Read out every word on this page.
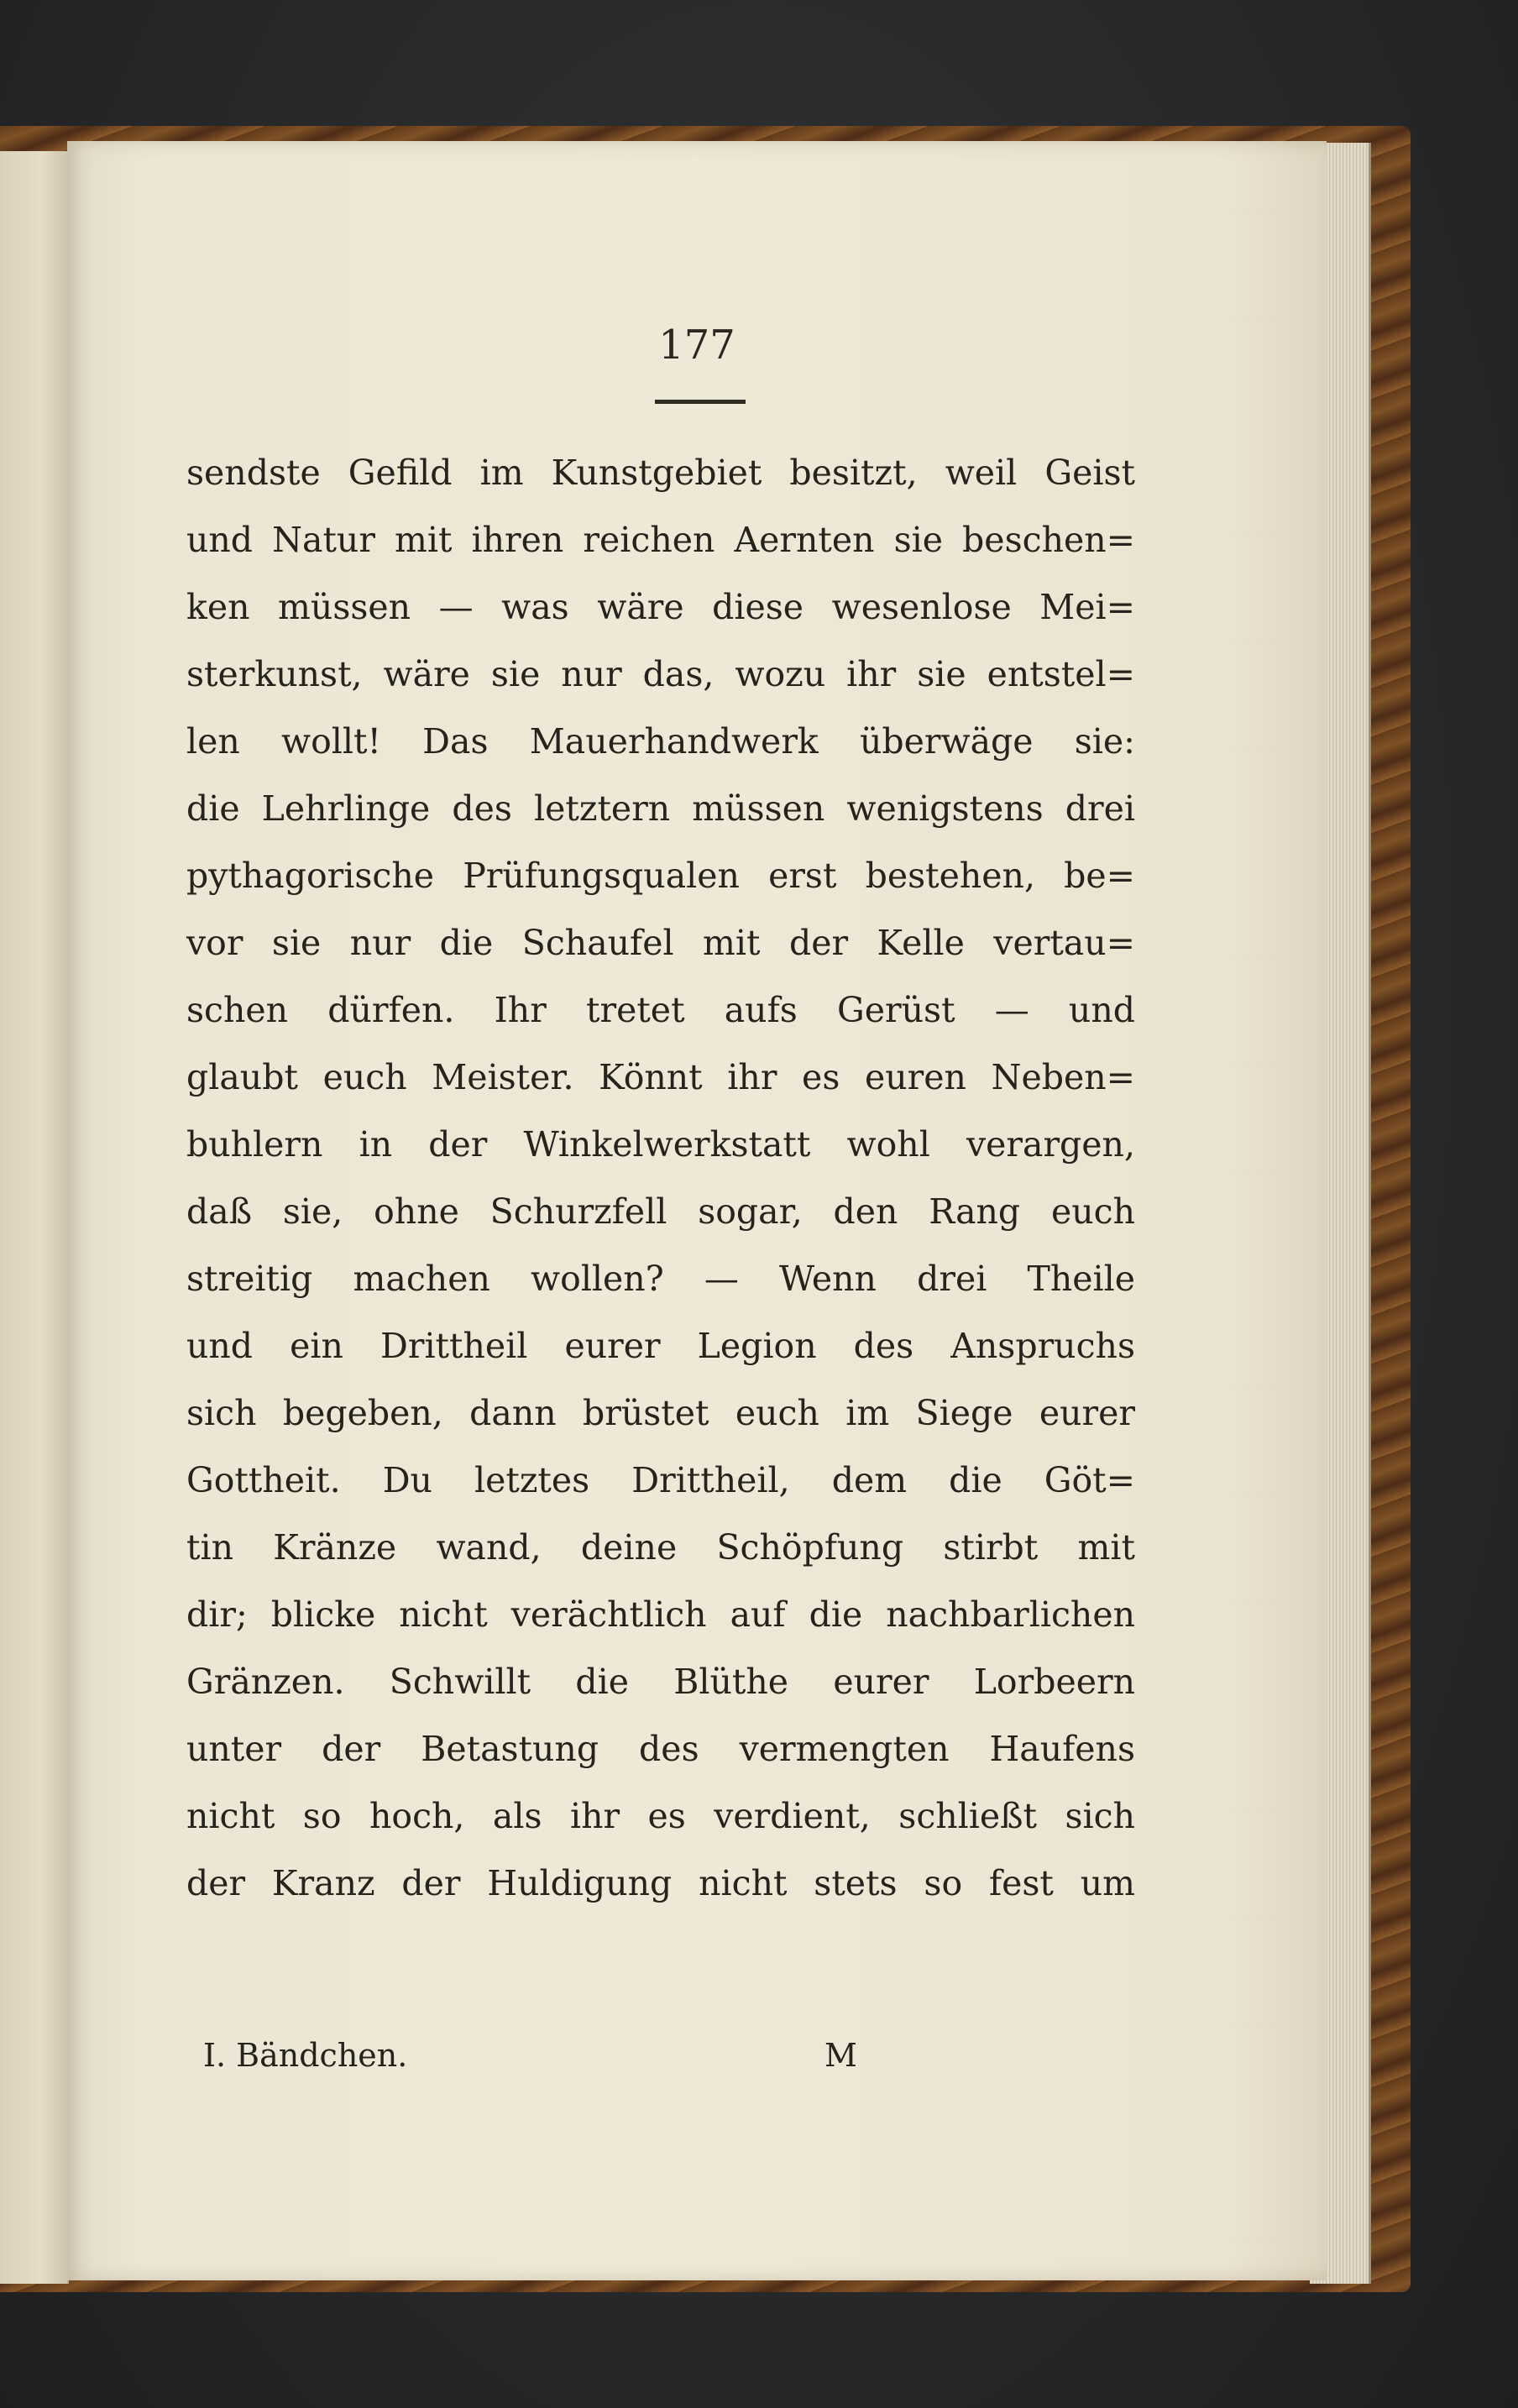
177
sendste Gefild im Kunstgebiet besitzt, weil Geist
und Natur mit ihren reichen Aernten sie beschen=
ken müssen — was wäre diese wesenlose Mei=
sterkunst, wäre sie nur das, wozu ihr sie entstel=
len wollt! Das Mauerhandwerk überwäge sie:
die Lehrlinge des letztern müssen wenigstens drei
pythagorische Prüfungsqualen erst bestehen, be=
vor sie nur die Schaufel mit der Kelle vertau=
schen dürfen. Ihr tretet aufs Gerüst — und
glaubt euch Meister. Könnt ihr es euren Neben=
buhlern in der Winkelwerkstatt wohl verargen,
daß sie, ohne Schurzfell sogar, den Rang euch
streitig machen wollen? — Wenn drei Theile
und ein Drittheil eurer Legion des Anspruchs
sich begeben, dann brüstet euch im Siege eurer
Gottheit. Du letztes Drittheil, dem die Göt=
tin Kränze wand, deine Schöpfung stirbt mit
dir; blicke nicht verächtlich auf die nachbarlichen
Gränzen. Schwillt die Blüthe eurer Lorbeern
unter der Betastung des vermengten Haufens
nicht so hoch, als ihr es verdient, schließt sich
der Kranz der Huldigung nicht stets so fest um
I. Bändchen.	M
